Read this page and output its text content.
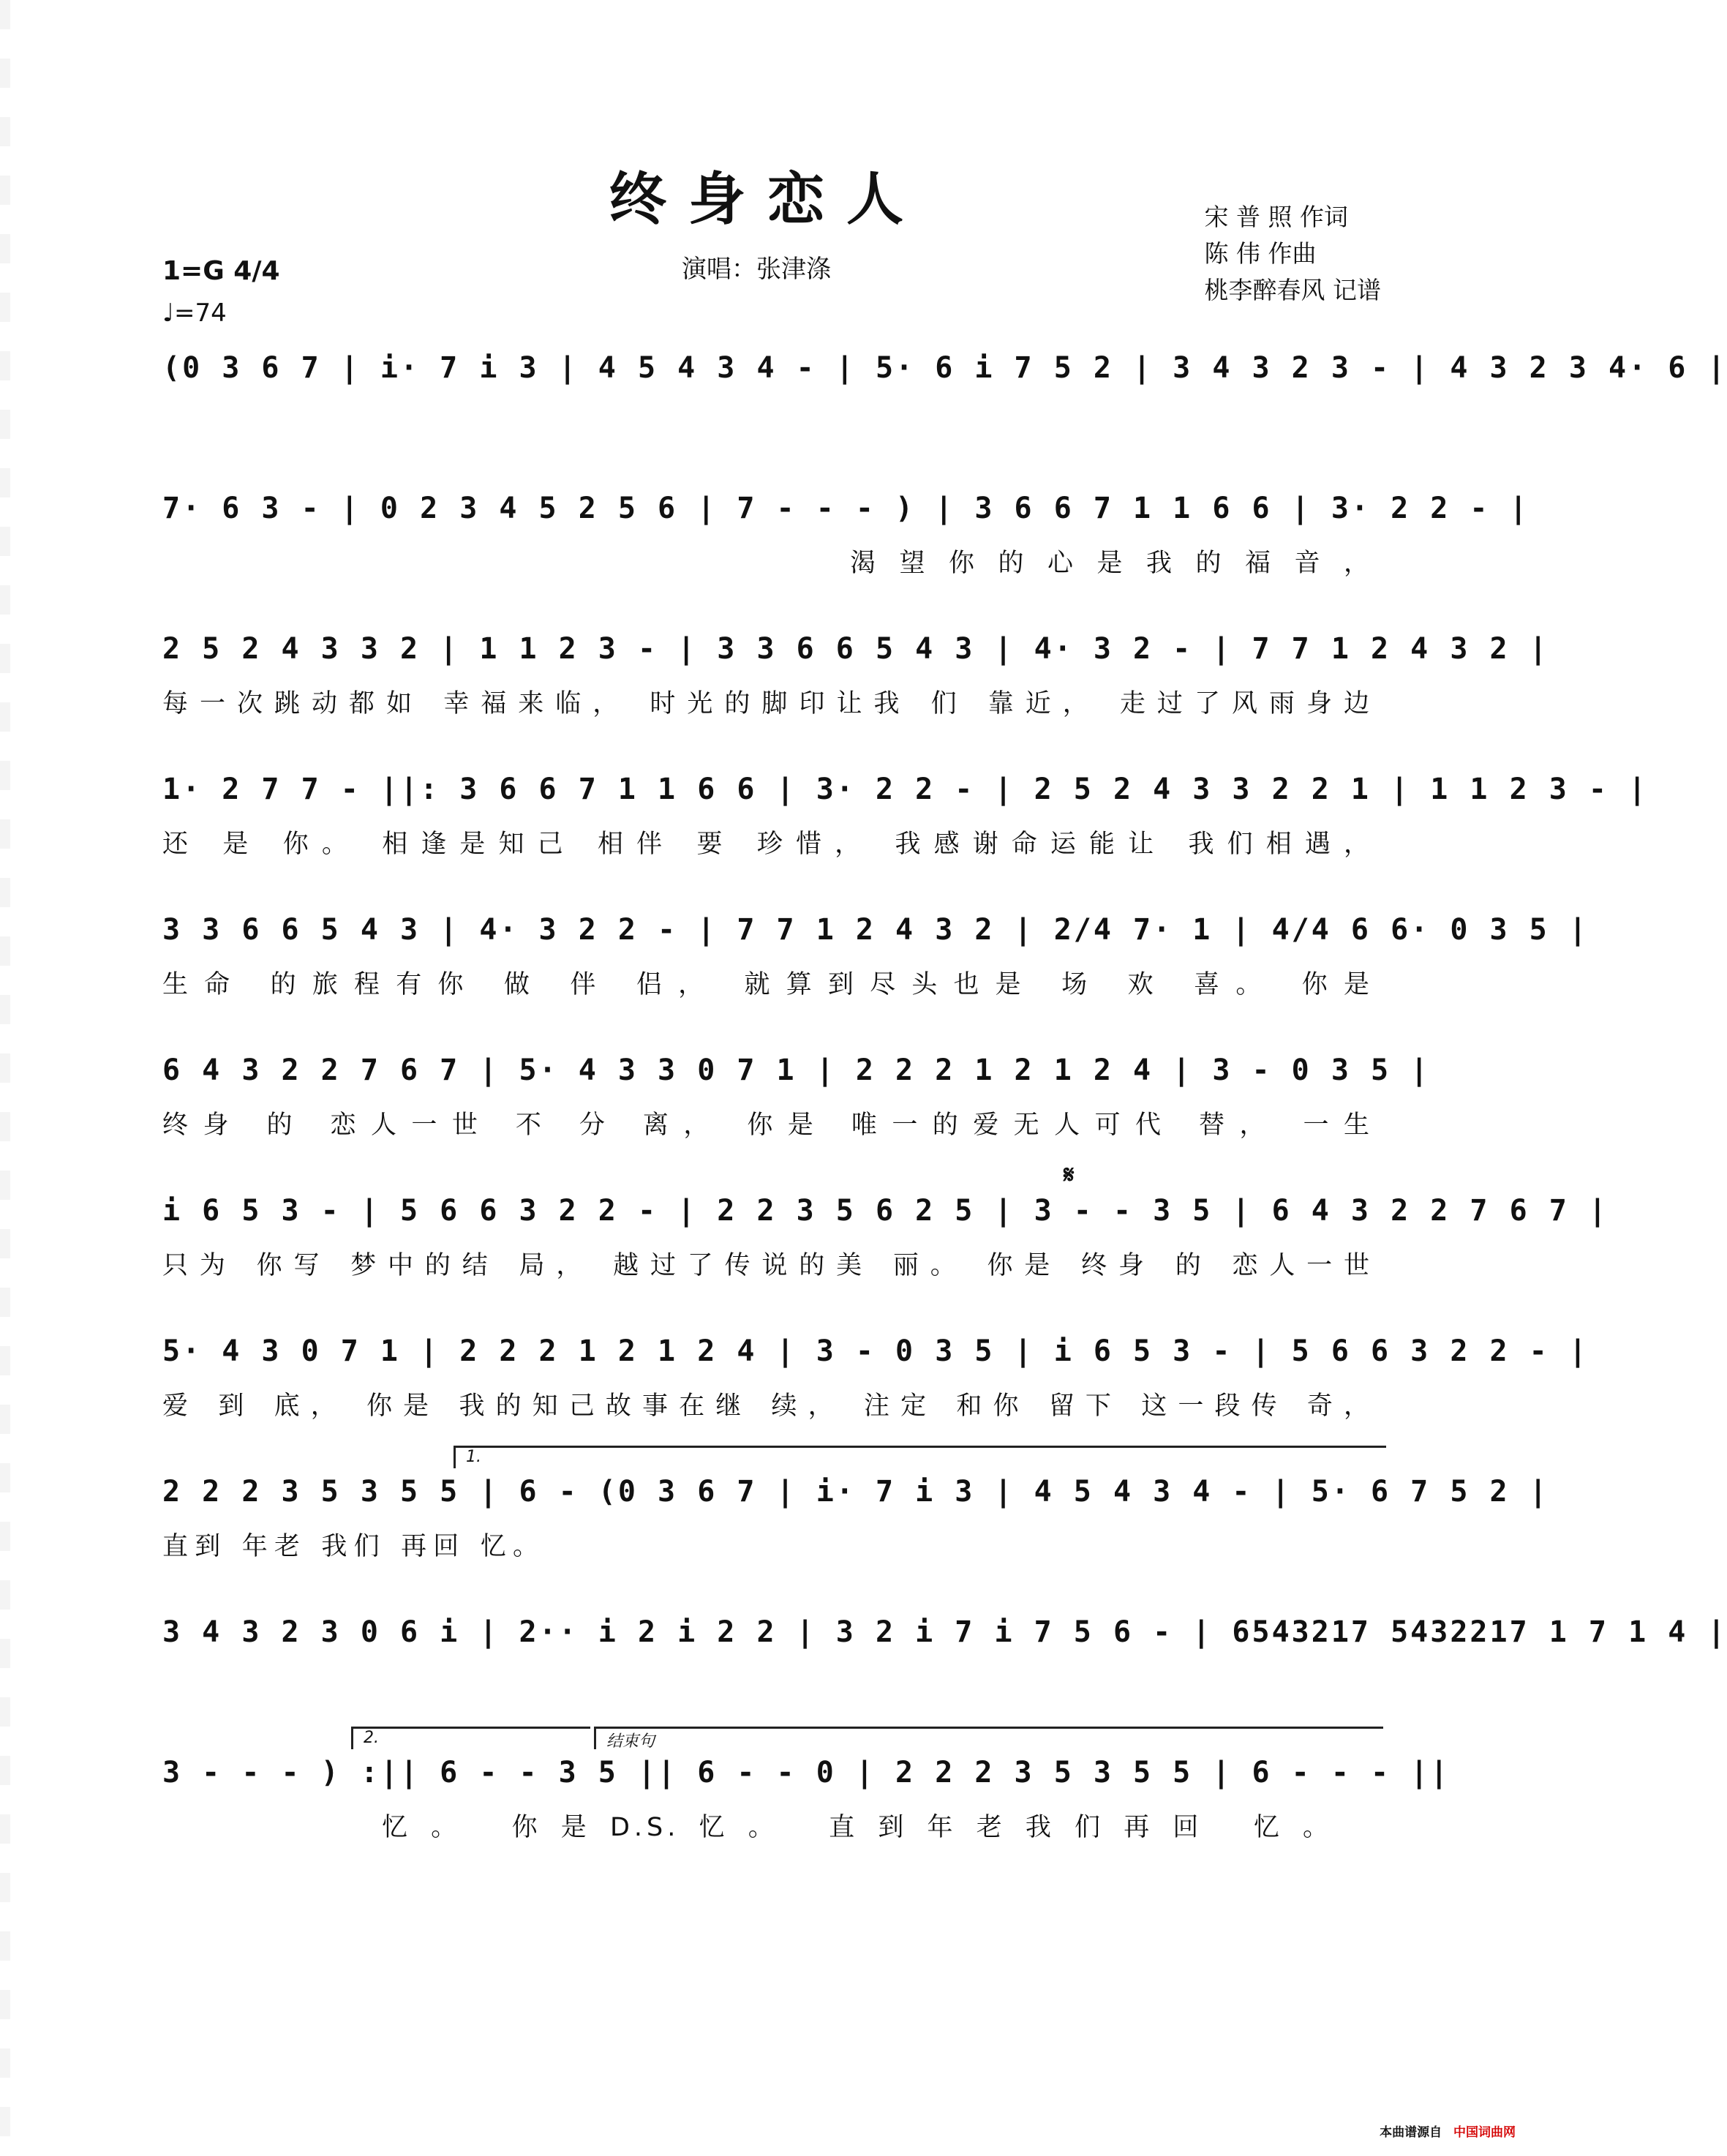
终身恋人	宋 普 照 作词
陈 伟 作曲
桃李醉春风 记谱
演唱：张津涤
1=G 4/4
♩=74
(0 3 6 7 | i· 7 i 3 | 4 5 4 3 4 - | 5· 6 i 7 5 2 | 3 4 3 2 3 - | 4 3 2 3 4· 6 |
7· 6 3 - | 0 2 3 4 5 2 5 6 | 7 - - - ) | 3 6 6 7 1 1 6 6 | 3· 2 2 - |
渴望你的心是我的福音，
2 5 2 4 3 3 2 | 1 1 2 3 - | 3 3 6 6 5 4 3 | 4· 3 2 - | 7 7 1 2 4 3 2 |
每一次跳动都如 幸福来临， 时光的脚印让我 们 靠近， 走过了风雨身边
1· 2 7 7 - ||: 3 6 6 7 1 1 6 6 | 3· 2 2 - | 2 5 2 4 3 3 2 2 1 | 1 1 2 3 - |
还 是 你。 相逢是知己 相伴 要 珍惜， 我感谢命运能让 我们相遇，
3 3 6 6 5 4 3 | 4· 3 2 2 - | 7 7 1 2 4 3 2 | 2/4 7· 1 | 4/4 6 6· 0 3 5 |
生命 的旅程有你 做 伴 侣， 就算到尽头也是 场 欢 喜。 你是
6 4 3 2 2 7 6 7 | 5· 4 3 3 0 7 1 | 2 2 2 1 2 1 2 4 | 3 - 0 3 5 |
终身 的 恋人一世 不 分 离， 你是 唯一的爱无人可代 替， 一生
𝄋
i 6 5 3 - | 5 6 6 3 2 2 - | 2 2 3 5 6 2 5 | 3 - - 3 5 | 6 4 3 2 2 7 6 7 |
只为 你写 梦中的结 局， 越过了传说的美 丽。 你是 终身 的 恋人一世
5· 4 3 0 7 1 | 2 2 2 1 2 1 2 4 | 3 - 0 3 5 | i 6 5 3 - | 5 6 6 3 2 2 - |
爱 到 底， 你是 我的知己故事在继 续， 注定 和你 留下 这一段传 奇，
1.
2 2 2 3 5 3 5 5 | 6 - (0 3 6 7 | i· 7 i 3 | 4 5 4 3 4 - | 5· 6 7 5 2 |
直到 年老 我们 再回 忆。
3 4 3 2 3 0 6 i | 2·· i 2 i 2 2 | 3 2 i 7 i 7 5 6 - | 6543217 5432217 1 7 1 4 |
2.	结束句
3 - - - ) :|| 6 - - 3 5 || 6 - - 0 | 2 2 2 3 5 3 5 5 | 6 - - - ||
忆。 你是D.S.忆。 直到年老我们再回 忆。
本曲谱源自 中国词曲网
